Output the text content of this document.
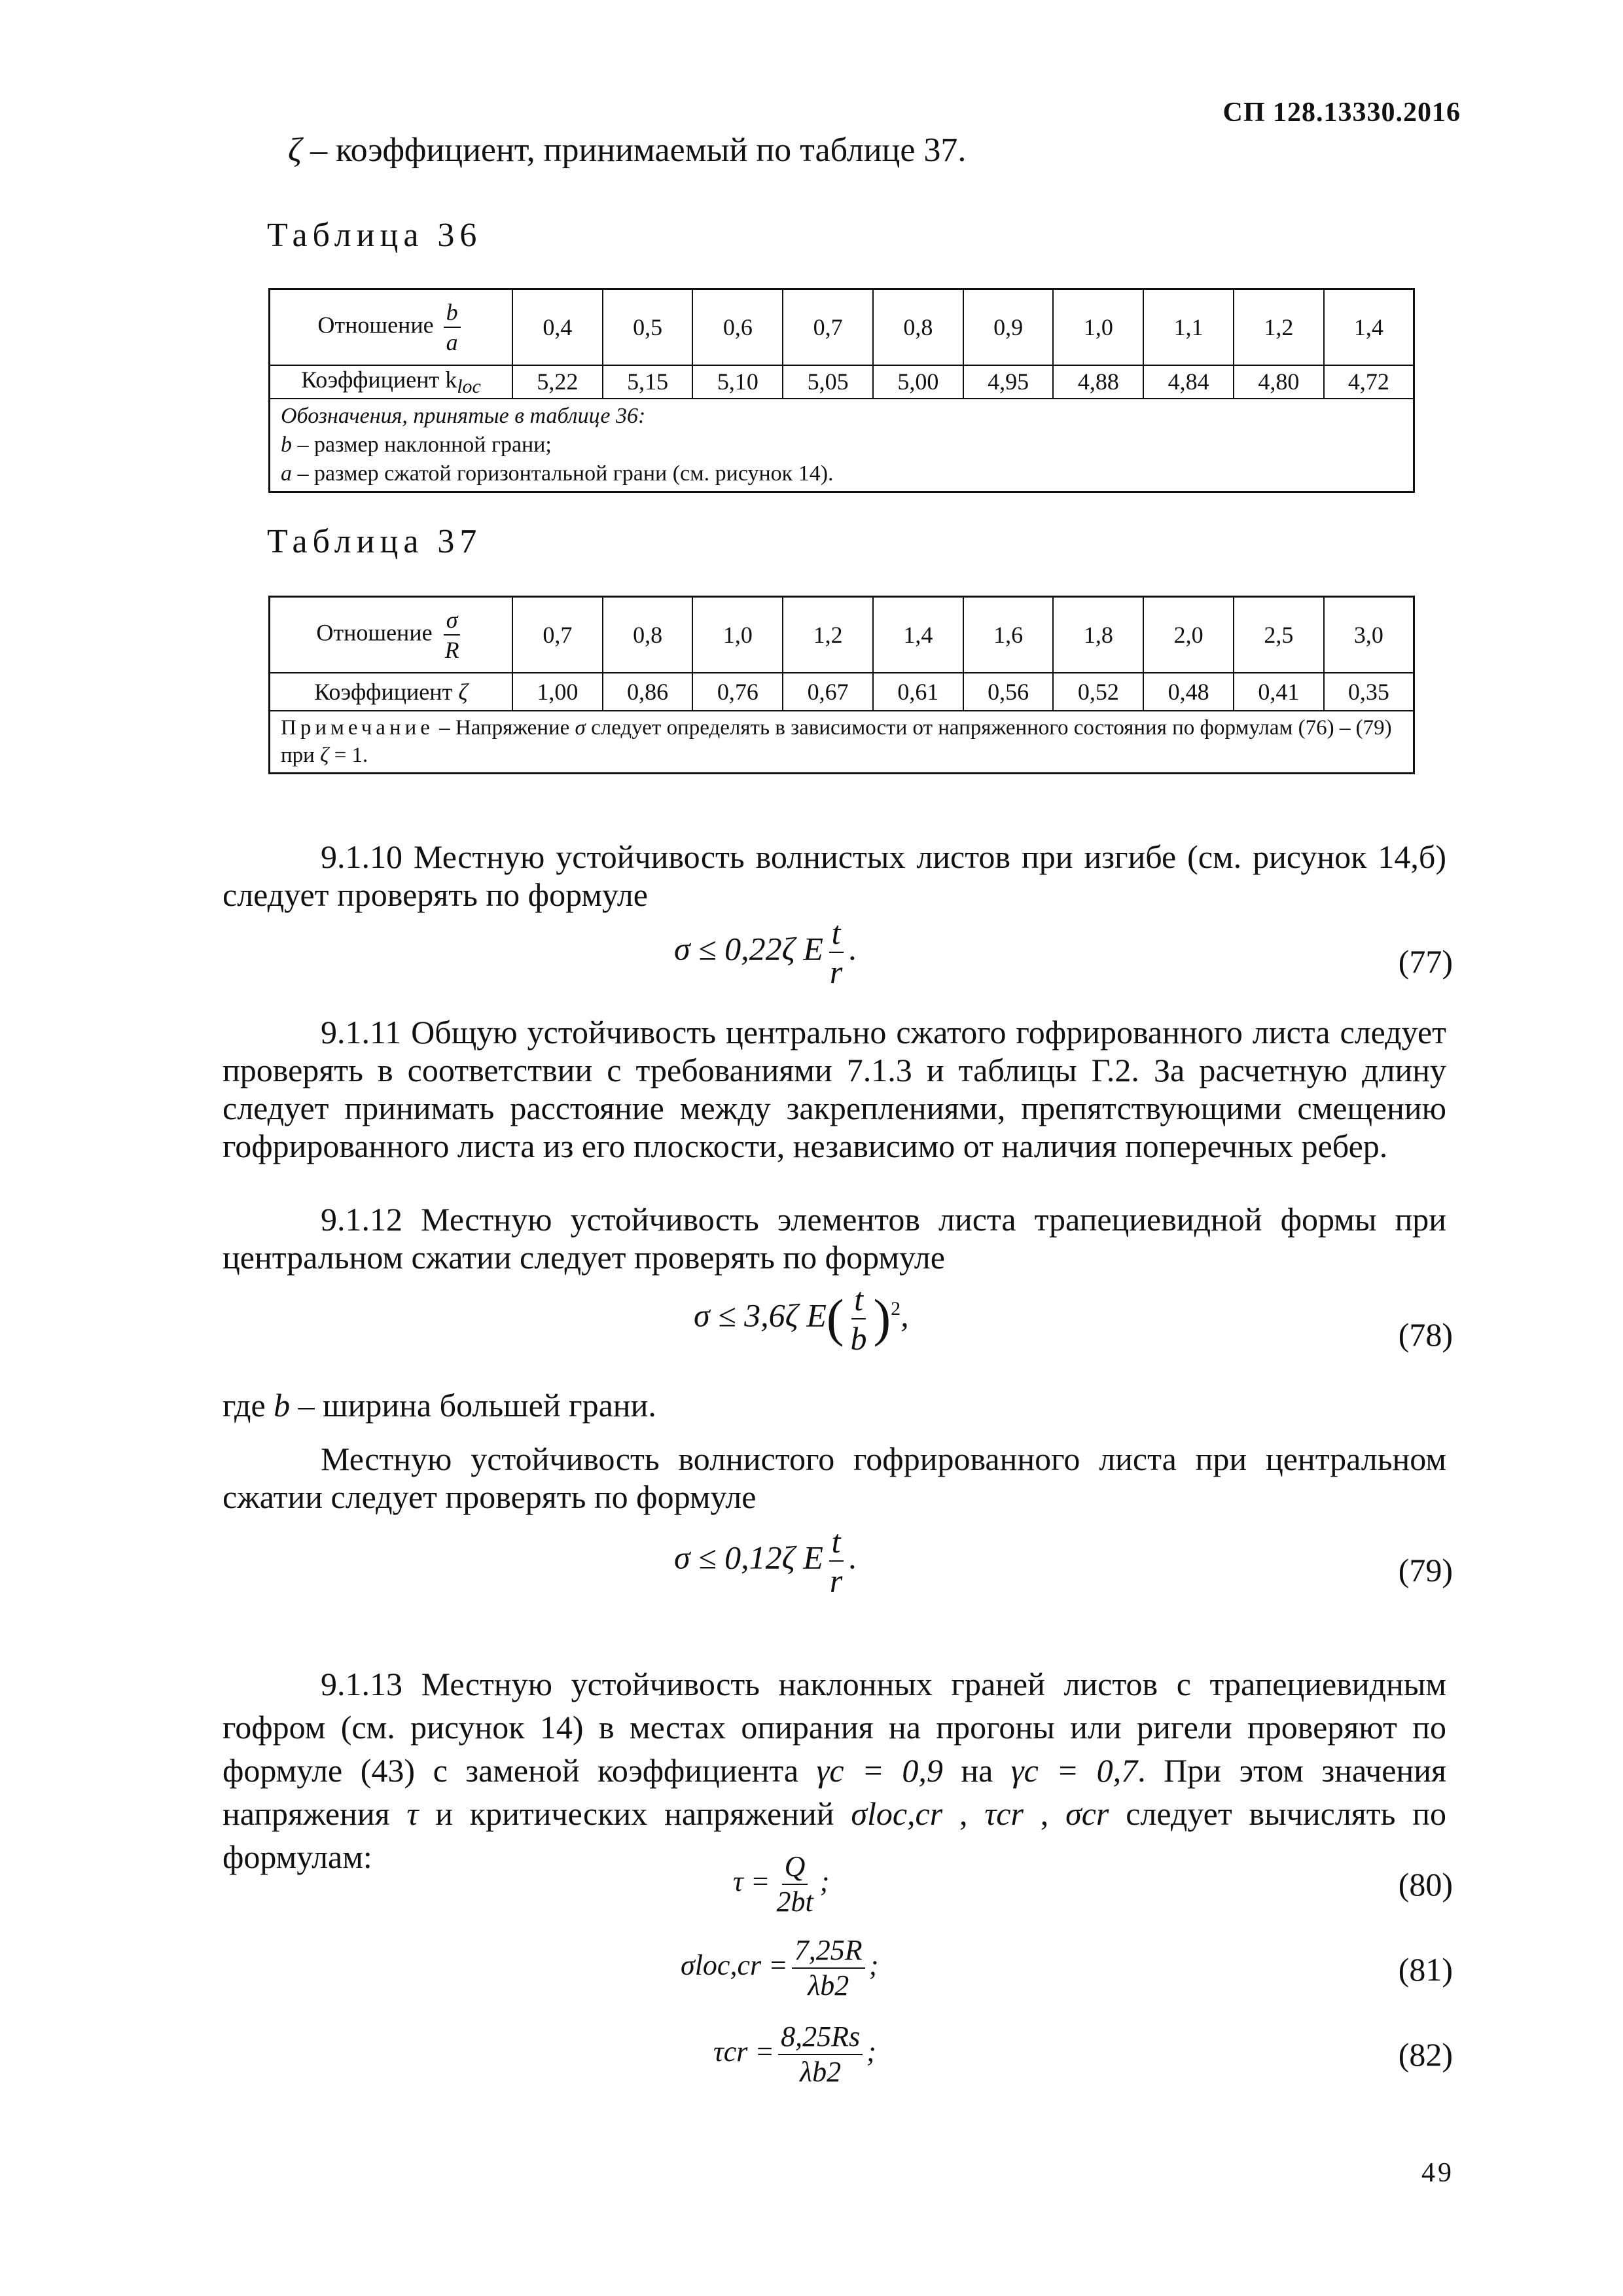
СП 128.13330.2016
ζ – коэффициент, принимаемый по таблице 37.
Таблица 36
Отношение $\frac{b}{a}$	0,4	0,5	0,6	0,7	0,8	0,9	1,0	1,1	1,2	1,4
Коэффициент $k_{loc}$	5,22	5,15	5,10	5,05	5,00	4,95	4,88	4,84	4,80	4,72

Обозначения, принятые в таблице 36:
b – размер наклонной грани;
a – размер сжатой горизонтальной грани (см. рисунок 14).										
Таблица 37
Отношение $\frac{\sigma}{R}$	0,7	0,8	1,0	1,2	1,4	1,6	1,8	2,0	2,5	3,0
Коэффициент ζ	1,00	0,86	0,76	0,67	0,61	0,56	0,52	0,48	0,41	0,35
Примечание – Напряжение σ следует определять в зависимости от напряженного состояния по формулам (76) – (79) при ζ = 1.										
9.1.10 Местную устойчивость волнистых листов при изгибе (см. рисунок 14,б) следует проверять по формуле
σ ≤ 0,22ζ E $\frac{t}{r}$ .	(77)
9.1.11 Общую устойчивость центрально сжатого гофрированного листа следует проверять в соответствии с требованиями 7.1.3 и таблицы Г.2. За расчетную длину следует принимать расстояние между закреплениями, препятствующими смещению гофрированного листа из его плоскости, независимо от наличия поперечных ребер.
9.1.12 Местную устойчивость элементов листа трапециевидной формы при центральном сжатии следует проверять по формуле
σ ≤ 3,6ζ $E( \frac{t}{b} )^2$,
(78)
где b – ширина большей грани.
Местную устойчивость волнистого гофрированного листа при центральном сжатии следует проверять по формуле
σ ≤ 0,12ζ E $\frac{t}{r}$ .	(79)
9.1.13 Местную устойчивость наклонных граней листов с трапециевидным гофром (см. рисунок 14) в местах опирания на прогоны или ригели проверяют по формуле (43) с заменой коэффициента γc = 0,9 на γc = 0,7. При этом значения напряжения τ и критических напряжений σloc,cr , τcr , σcr следует вычислять по формулам:
$\tau = \frac{Q}{2bt}$ ;	(80)
$\sigma loc,cr = \frac{7,25R}{\lambda b2}$ ;	(81)
$\tau cr = \frac{8,25Rs}{\lambda b2}$ ;	(82)
49
